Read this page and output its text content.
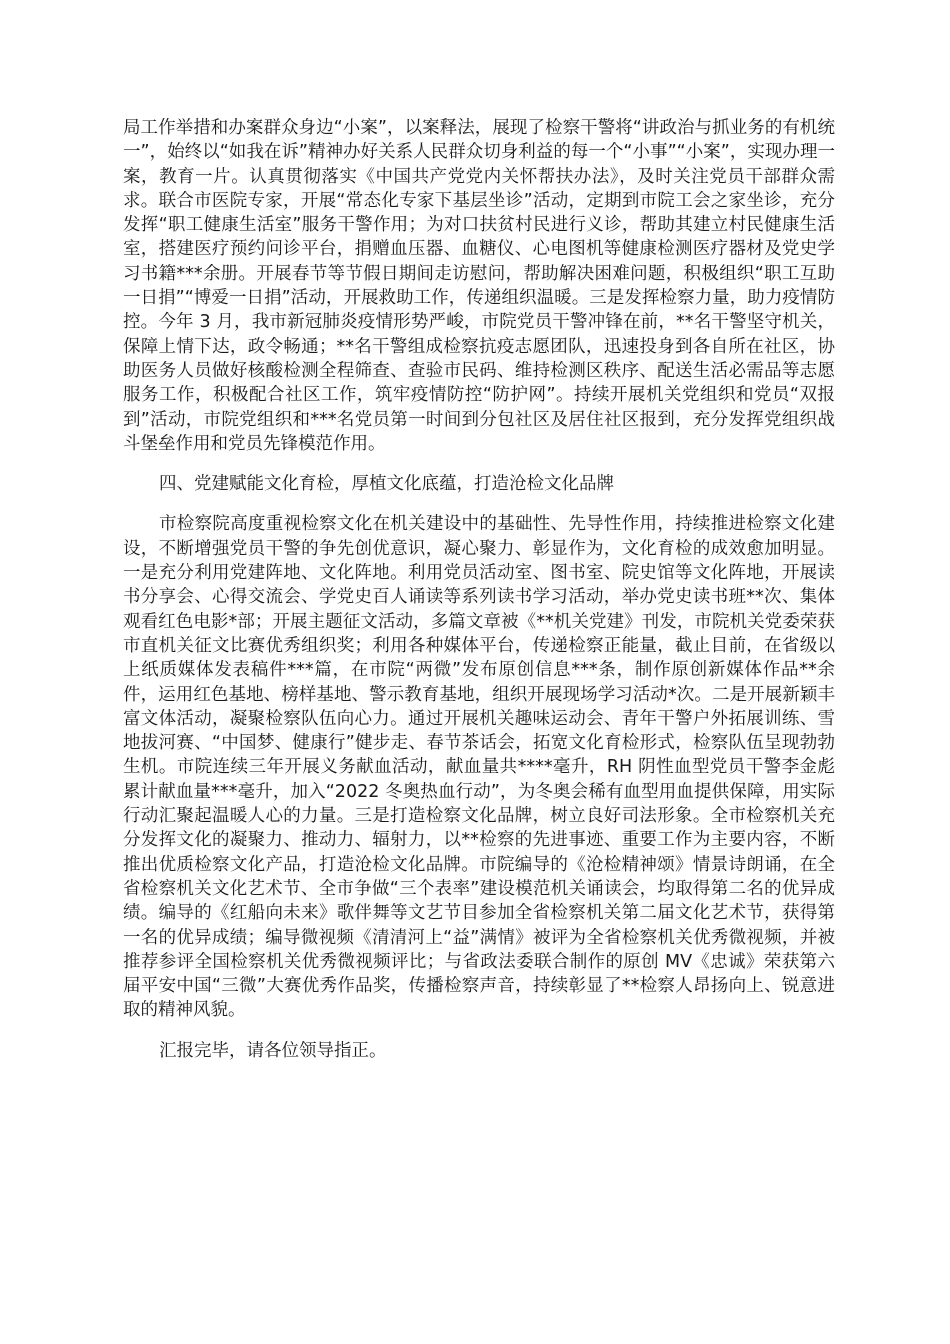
局工作举措和办案群众身边“小案”，以案释法，展现了检察干警将“讲政治与抓业务的有机统一”，始终以“如我在诉”精神办好关系人民群众切身利益的每一个“小事”“小案”，实现办理一案，教育一片。认真贯彻落实《中国共产党党内关怀帮扶办法》，及时关注党员干部群众需求。联合市医院专家，开展“常态化专家下基层坐诊”活动，定期到市院工会之家坐诊，充分发挥“职工健康生活室”服务干警作用；为对口扶贫村民进行义诊，帮助其建立村民健康生活室，搭建医疗预约问诊平台，捐赠血压器、血糖仪、心电图机等健康检测医疗器材及党史学习书籍***余册。开展春节等节假日期间走访慰问，帮助解决困难问题，积极组织“职工互助一日捐”“博爱一日捐”活动，开展救助工作，传递组织温暖。三是发挥检察力量，助力疫情防控。今年 3 月，我市新冠肺炎疫情形势严峻，市院党员干警冲锋在前，**名干警坚守机关，保障上情下达，政令畅通；**名干警组成检察抗疫志愿团队，迅速投身到各自所在社区，协助医务人员做好核酸检测全程筛查、查验市民码、维持检测区秩序、配送生活必需品等志愿服务工作，积极配合社区工作，筑牢疫情防控“防护网”。持续开展机关党组织和党员“双报到”活动，市院党组织和***名党员第一时间到分包社区及居住社区报到，充分发挥党组织战斗堡垒作用和党员先锋模范作用。

四、党建赋能文化育检，厚植文化底蕴，打造沧检文化品牌

市检察院高度重视检察文化在机关建设中的基础性、先导性作用，持续推进检察文化建设，不断增强党员干警的争先创优意识，凝心聚力、彰显作为，文化育检的成效愈加明显。一是充分利用党建阵地、文化阵地。利用党员活动室、图书室、院史馆等文化阵地，开展读书分享会、心得交流会、学党史百人诵读等系列读书学习活动，举办党史读书班**次、集体观看红色电影*部；开展主题征文活动，多篇文章被《**机关党建》刊发，市院机关党委荣获市直机关征文比赛优秀组织奖；利用各种媒体平台，传递检察正能量，截止目前，在省级以上纸质媒体发表稿件***篇，在市院“两微”发布原创信息***条，制作原创新媒体作品**余件，运用红色基地、榜样基地、警示教育基地，组织开展现场学习活动*次。二是开展新颖丰富文体活动，凝聚检察队伍向心力。通过开展机关趣味运动会、青年干警户外拓展训练、雪地拔河赛、“中国梦、健康行”健步走、春节茶话会，拓宽文化育检形式，检察队伍呈现勃勃生机。市院连续三年开展义务献血活动，献血量共****毫升，RH 阴性血型党员干警李金彪累计献血量***毫升，加入“2022 冬奥热血行动”，为冬奥会稀有血型用血提供保障，用实际行动汇聚起温暖人心的力量。三是打造检察文化品牌，树立良好司法形象。全市检察机关充分发挥文化的凝聚力、推动力、辐射力，以**检察的先进事迹、重要工作为主要内容，不断推出优质检察文化产品，打造沧检文化品牌。市院编导的《沧检精神颂》情景诗朗诵，在全省检察机关文化艺术节、全市争做“三个表率”建设模范机关诵读会，均取得第二名的优异成绩。编导的《红船向未来》歌伴舞等文艺节目参加全省检察机关第二届文化艺术节，获得第一名的优异成绩；编导微视频《清清河上“益”满情》被评为全省检察机关优秀微视频，并被推荐参评全国检察机关优秀微视频评比；与省政法委联合制作的原创 MV《忠诚》荣获第六届平安中国“三微”大赛优秀作品奖，传播检察声音，持续彰显了**检察人昂扬向上、锐意进取的精神风貌。

汇报完毕，请各位领导指正。
